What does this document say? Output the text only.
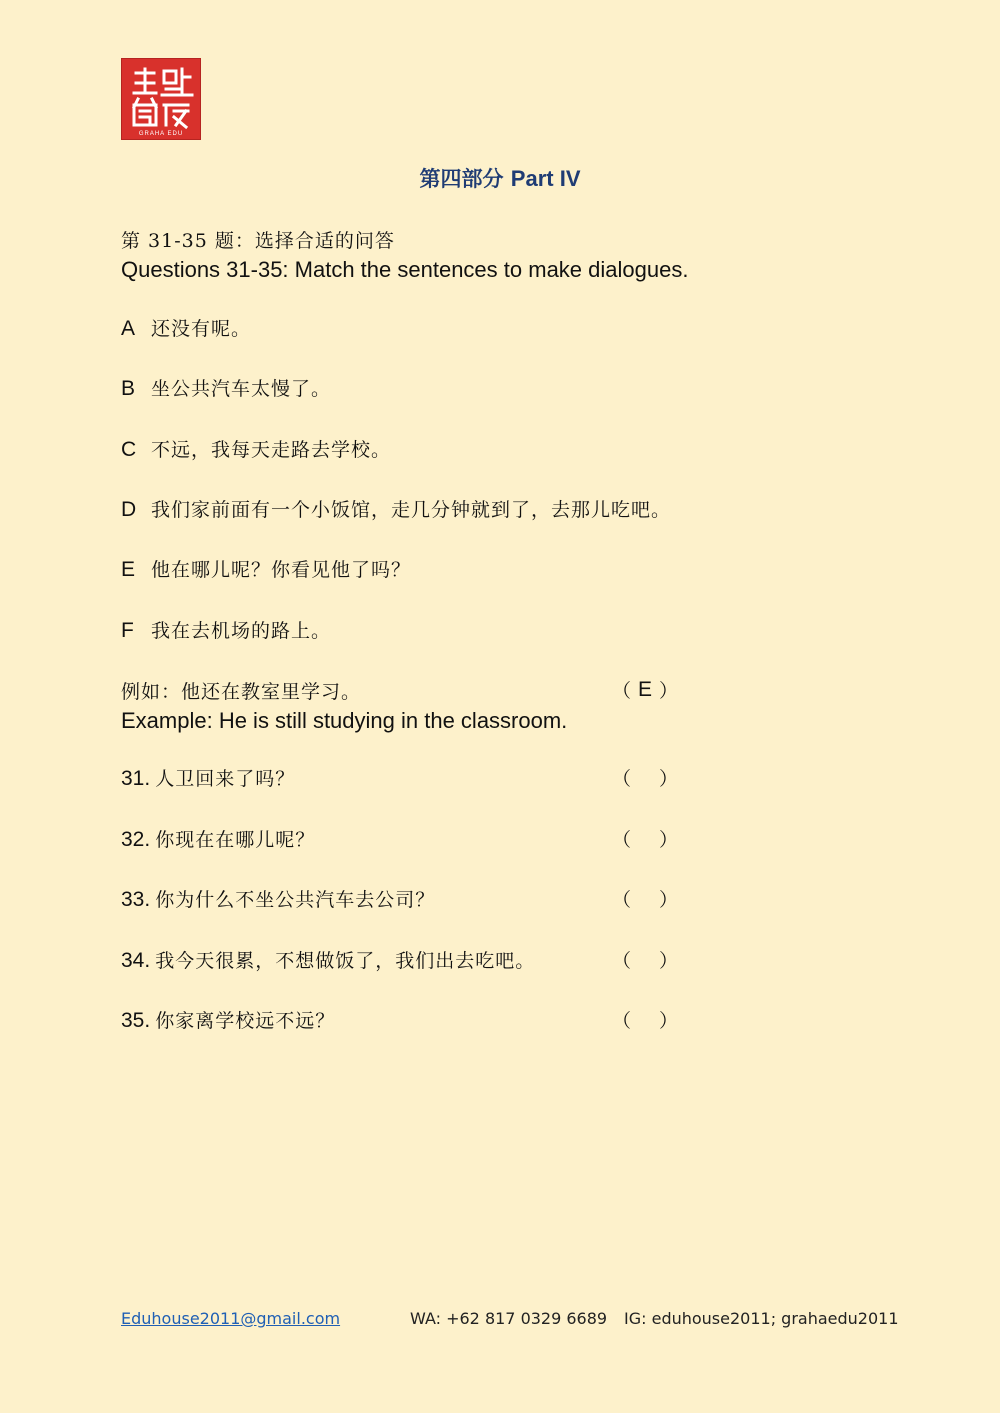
GRAHA EDU
第四部分 Part IV
第 31-35 题：选择合适的问答
Questions 31-35: Match the sentences to make dialogues.
A 还没有呢。
B 坐公共汽车太慢了。
C 不远，我每天走路去学校。
D 我们家前面有一个小饭馆，走几分钟就到了，去那儿吃吧。
E 他在哪儿呢？你看见他了吗？
F 我在去机场的路上。
例如：他还在教室里学习。	（ E ）
Example: He is still studying in the classroom.
31. 人卫回来了吗？	（ ）
32. 你现在在哪儿呢？	（ ）
33. 你为什么不坐公共汽车去公司？	（ ）
34. 我今天很累，不想做饭了，我们出去吃吧。	（ ）
35. 你家离学校远不远？	（ ）
Eduhouse2011@gmail.com	WA: +62 817 0329 6689 IG: eduhouse2011; grahaedu2011
